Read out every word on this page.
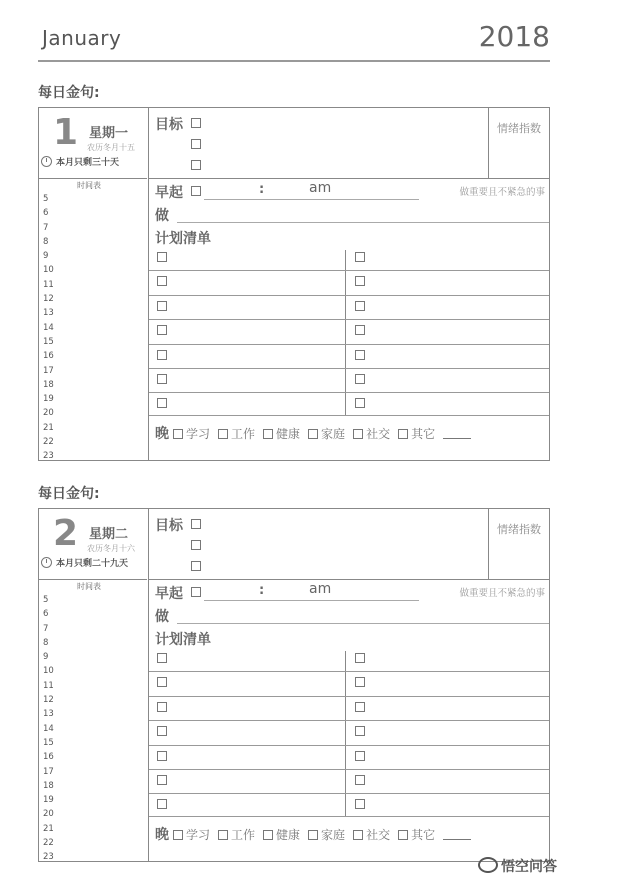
January	2018
每日金句:
1 星期一
农历冬月十五
本月只剩三十天
时间表
5
6
7
8
9
10
11
12
13
14
15
16
17
18
19
20
21
22
23
目标	情绪指数
早起	:	am	做重要且不紧急的事
做
计划清单
晚 学习 工作 健康 家庭 社交 其它
每日金句:
2 星期二
农历冬月十六
本月只剩二十九天
时间表
5
6
7
8
9
10
11
12
13
14
15
16
17
18
19
20
21
22
23
目标	情绪指数
早起	:	am	做重要且不紧急的事
做
计划清单
晚 学习 工作 健康 家庭 社交 其它
悟空问答
